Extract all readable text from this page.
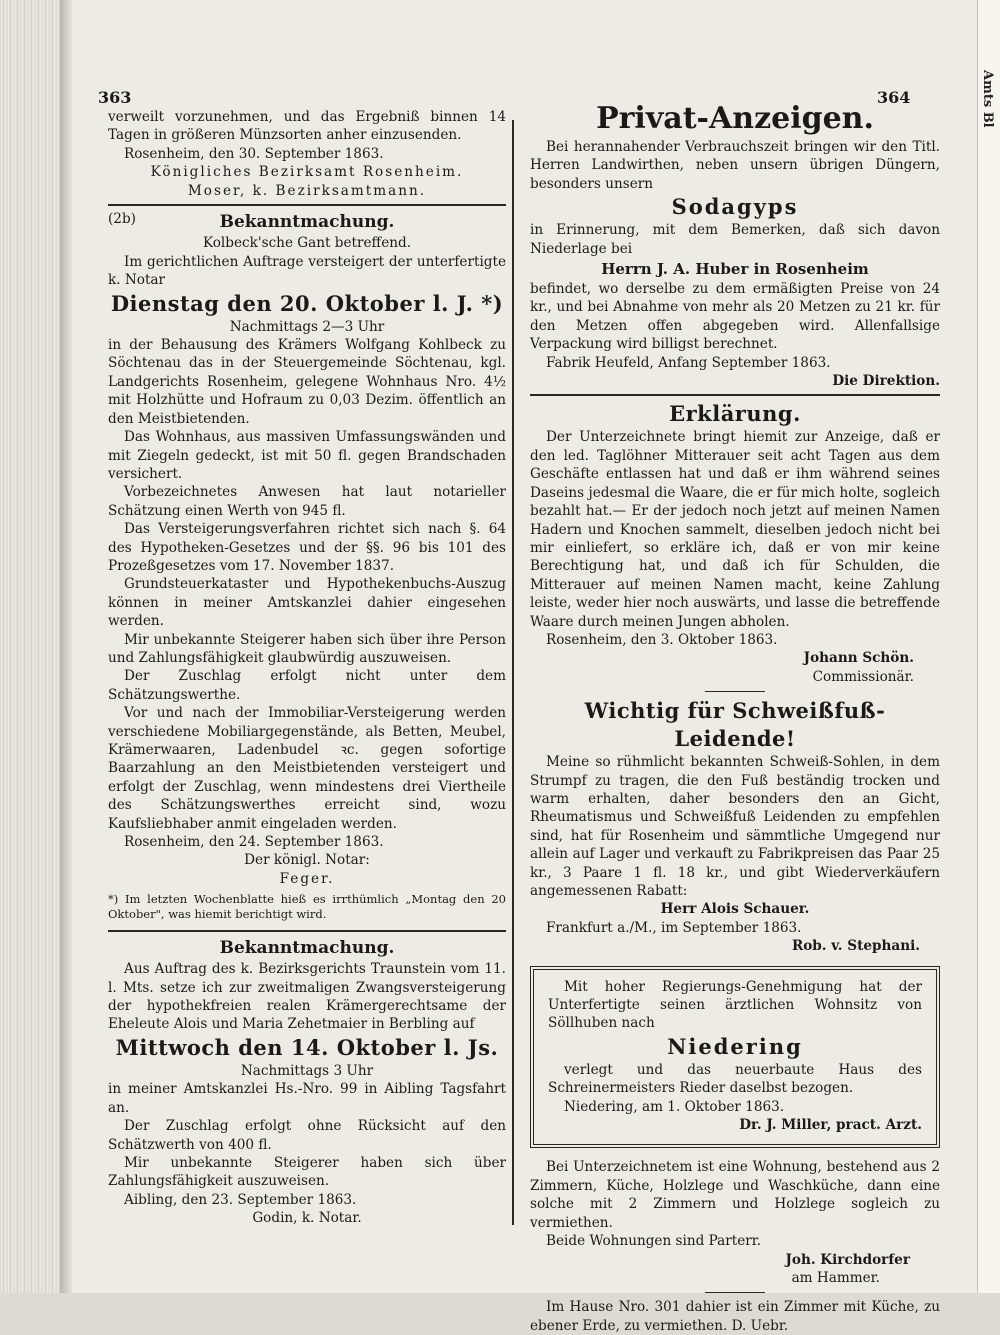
Amts Bl
363	364

verweilt vorzunehmen, und das Ergebniß binnen 14 Tagen in größeren Münzsorten anher einzusenden.

Rosenheim, den 30. September 1863.

Königliches Bezirksamt Rosenheim.

Moser, k. Bezirksamtmann.

(2b)	Bekanntmachung.

Kolbeck'sche Gant betreffend.

Im gerichtlichen Auftrage versteigert der unterfertigte k. Notar

Dienstag den 20. Oktober l. J. *)

Nachmittags 2—3 Uhr

in der Behausung des Krämers Wolfgang Kohlbeck zu Söchtenau das in der Steuergemeinde Söchtenau, kgl. Landgerichts Rosenheim, gelegene Wohnhaus Nro. 4½ mit Holzhütte und Hofraum zu 0,03 Dezim. öffentlich an den Meistbietenden.

Das Wohnhaus, aus massiven Umfassungswänden und mit Ziegeln gedeckt, ist mit 50 fl. gegen Brandschaden versichert.

Vorbezeichnetes Anwesen hat laut notarieller Schätzung einen Werth von 945 fl.

Das Versteigerungsverfahren richtet sich nach §. 64 des Hypotheken-Gesetzes und der §§. 96 bis 101 des Prozeßgesetzes vom 17. November 1837.

Grundsteuerkataster und Hypothekenbuchs-Auszug können in meiner Amtskanzlei dahier eingesehen werden.

Mir unbekannte Steigerer haben sich über ihre Person und Zahlungsfähigkeit glaubwürdig auszuweisen.

Der Zuschlag erfolgt nicht unter dem Schätzungswerthe.

Vor und nach der Immobiliar-Versteigerung werden verschiedene Mobiliargegenstände, als Betten, Meubel, Krämerwaaren, Ladenbudel ꝛc. gegen sofortige Baarzahlung an den Meistbietenden versteigert und erfolgt der Zuschlag, wenn mindestens drei Viertheile des Schätzungswerthes erreicht sind, wozu Kaufsliebhaber anmit eingeladen werden.

Rosenheim, den 24. September 1863.

Der königl. Notar:

Feger.

*) Im letzten Wochenblatte hieß es irrthümlich „Montag den 20 Oktober", was hiemit berichtigt wird.

Bekanntmachung.

Aus Auftrag des k. Bezirksgerichts Traunstein vom 11. l. Mts. setze ich zur zweitmaligen Zwangsversteigerung der hypothekfreien realen Krämergerechtsame der Eheleute Alois und Maria Zehetmaier in Berbling auf

Mittwoch den 14. Oktober l. Js.

Nachmittags 3 Uhr

in meiner Amtskanzlei Hs.-Nro. 99 in Aibling Tagsfahrt an.

Der Zuschlag erfolgt ohne Rücksicht auf den Schätzwerth von 400 fl.

Mir unbekannte Steigerer haben sich über Zahlungsfähigkeit auszuweisen.

Aibling, den 23. September 1863.

Godin, k. Notar.

Privat-Anzeigen.

Bei herannahender Verbrauchszeit bringen wir den Titl. Herren Landwirthen, neben unsern übrigen Düngern, besonders unsern

Sodagyps

in Erinnerung, mit dem Bemerken, daß sich davon Niederlage bei

Herrn J. A. Huber in Rosenheim

befindet, wo derselbe zu dem ermäßigten Preise von 24 kr., und bei Abnahme von mehr als 20 Metzen zu 21 kr. für den Metzen offen abgegeben wird. Allenfallsige Verpackung wird billigst berechnet.

Fabrik Heufeld, Anfang September 1863.

Die Direktion.

Erklärung.

Der Unterzeichnete bringt hiemit zur Anzeige, daß er den led. Taglöhner Mitterauer seit acht Tagen aus dem Geschäfte entlassen hat und daß er ihm während seines Daseins jedesmal die Waare, die er für mich holte, sogleich bezahlt hat.— Er der jedoch noch jetzt auf meinen Namen Hadern und Knochen sammelt, dieselben jedoch nicht bei mir einliefert, so erkläre ich, daß er von mir keine Berechtigung hat, und daß ich für Schulden, die Mitterauer auf meinen Namen macht, keine Zahlung leiste, weder hier noch auswärts, und lasse die betreffende Waare durch meinen Jungen abholen.

Rosenheim, den 3. Oktober 1863.

Johann Schön.

Commissionär.

Wichtig für Schweißfuß-Leidende!

Meine so rühmlicht bekannten Schweiß-Sohlen, in dem Strumpf zu tragen, die den Fuß beständig trocken und warm erhalten, daher besonders den an Gicht, Rheumatismus und Schweißfuß Leidenden zu empfehlen sind, hat für Rosenheim und sämmtliche Umgegend nur allein auf Lager und verkauft zu Fabrikpreisen das Paar 25 kr., 3 Paare 1 fl. 18 kr., und gibt Wiederverkäufern angemessenen Rabatt:

Herr Alois Schauer.

Frankfurt a./M., im September 1863.

Rob. v. Stephani.

Mit hoher Regierungs-Genehmigung hat der Unterfertigte seinen ärztlichen Wohnsitz von Söllhuben nach

Niedering

verlegt und das neuerbaute Haus des Schreinermeisters Rieder daselbst bezogen.

Niedering, am 1. Oktober 1863.

Dr. J. Miller, pract. Arzt.

Bei Unterzeichnetem ist eine Wohnung, bestehend aus 2 Zimmern, Küche, Holzlege und Waschküche, dann eine solche mit 2 Zimmern und Holzlege sogleich zu vermiethen.

Beide Wohnungen sind Parterr.

Joh. Kirchdorfer

am Hammer.

Im Hause Nro. 301 dahier ist ein Zimmer mit Küche, zu ebener Erde, zu vermiethen. D. Uebr.
